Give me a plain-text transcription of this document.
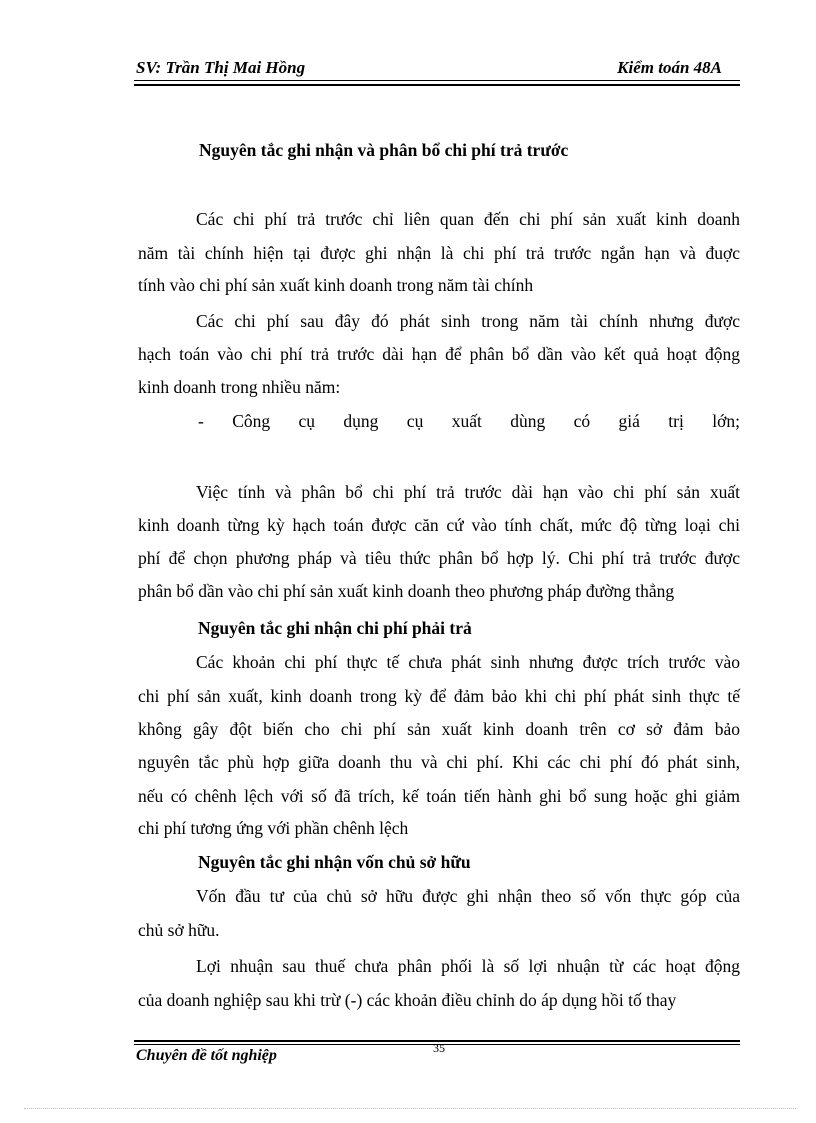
SV: Trần Thị Mai Hồng	Kiểm toán 48A
Nguyên tắc ghi nhận và phân bổ chi phí trả trước
Các chi phí trả trước chỉ liên quan đến chi phí sản xuất kinh doanh
năm tài chính hiện tại được ghi nhận là chi phí trả trước ngắn hạn và đuợc
tính vào chi phí sản xuất kinh doanh trong năm tài chính
Các chi phí sau đây đó phát sinh trong năm tài chính nhưng được
hạch toán vào chi phí trả trước dài hạn để phân bổ dần vào kết quả hoạt động
kinh doanh trong nhiều năm:
- Công cụ dụng cụ xuất dùng có giá trị lớn;
Việc tính và phân bổ chi phí trả trước dài hạn vào chi phí sản xuất
kinh doanh từng kỳ hạch toán được căn cứ vào tính chất, mức độ từng loại chi
phí để chọn phương pháp và tiêu thức phân bổ hợp lý. Chi phí trả trước được
phân bổ dần vào chi phí sản xuất kinh doanh theo phương pháp đường thẳng
Nguyên tắc ghi nhận chi phí phải trả
Các khoản chi phí thực tế chưa phát sinh nhưng được trích trước vào
chi phí sản xuất, kinh doanh trong kỳ để đảm bảo khi chi phí phát sinh thực tế
không gây đột biến cho chi phí sản xuất kinh doanh trên cơ sở đảm bảo
nguyên tắc phù hợp giữa doanh thu và chi phí. Khi các chi phí đó phát sinh,
nếu có chênh lệch với số đã trích, kế toán tiến hành ghi bổ sung hoặc ghi giảm
chi phí tương ứng với phần chênh lệch
Nguyên tắc ghi nhận vốn chủ sở hữu
Vốn đầu tư của chủ sở hữu được ghi nhận theo số vốn thực góp của
chủ sở hữu.
Lợi nhuận sau thuế chưa phân phối là số lợi nhuận từ các hoạt động
của doanh nghiệp sau khi trừ (-) các khoản điều chỉnh do áp dụng hồi tố thay
35
Chuyên đề tốt nghiệp
